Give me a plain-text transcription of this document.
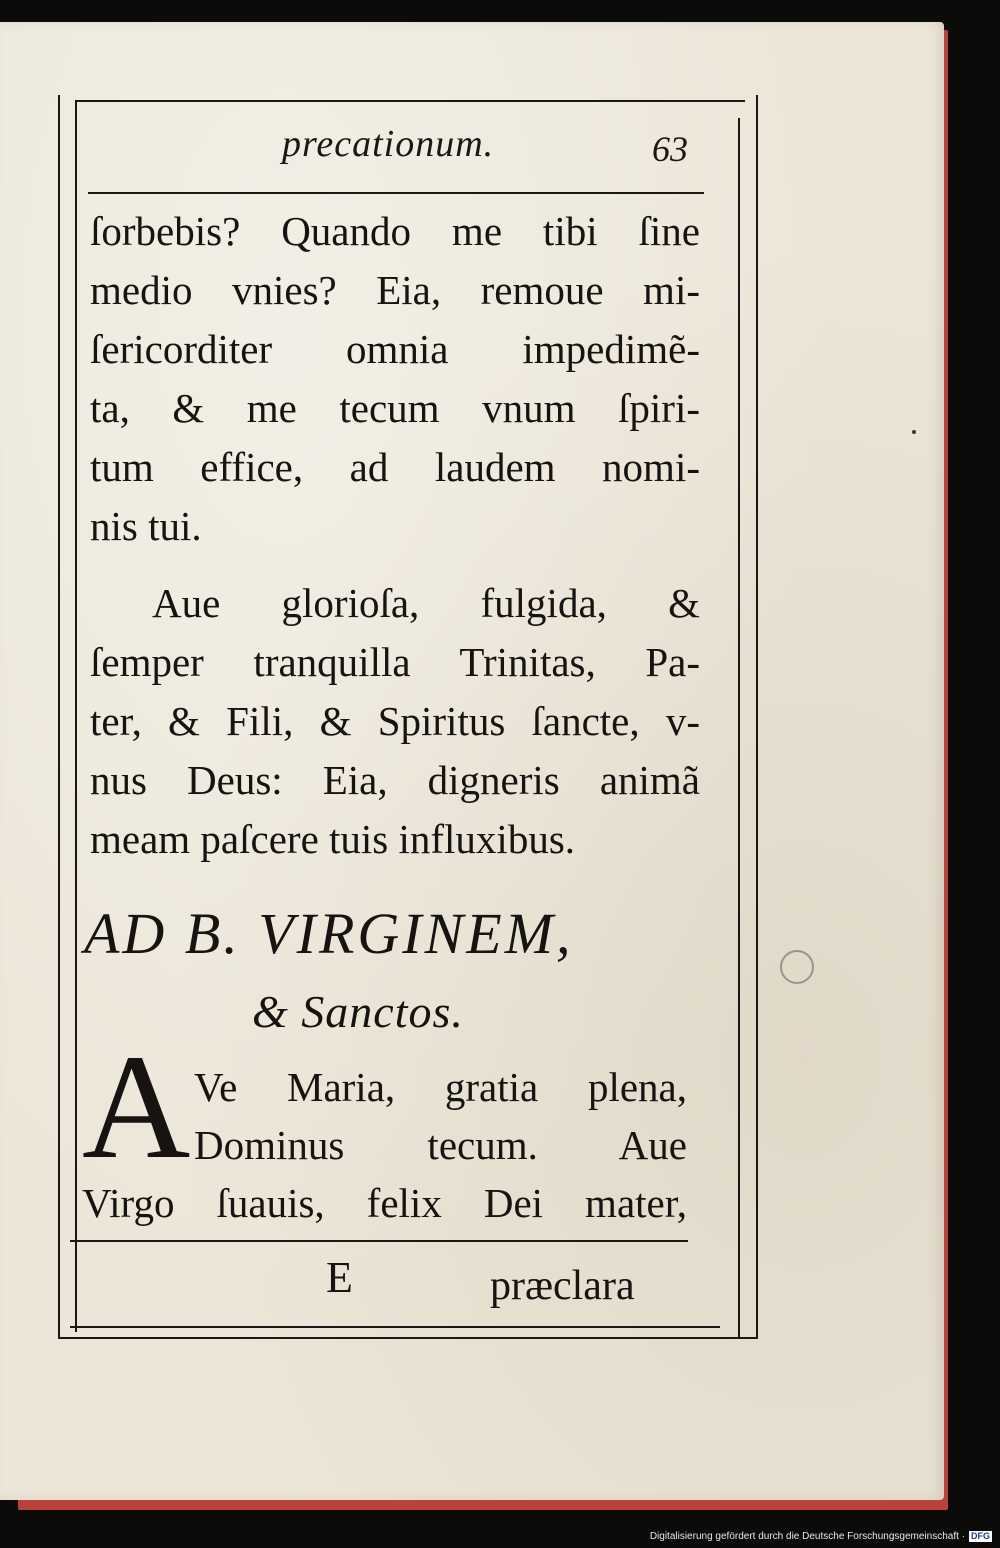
precationum.	63
ſorbebis? Quando me tibi ſine
medio vnies? Eia, remoue mi-
ſericorditer omnia impedimẽ-
ta, & me tecum vnum ſpiri-
tum effice, ad laudem nomi-
nis tui.
Aue glorioſa, fulgida, &
ſemper tranquilla Trinitas, Pa-
ter, & Fili, & Spiritus ſancte, v-
nus Deus: Eia, digneris animã
meam paſcere tuis influxibus.
AD B. VIRGINEM,
& Sanctos.
A Ve Maria, gratia plena,
Dominus tecum. Aue
Virgo ſuauis, felix Dei mater,
E	præclara
Digitalisierung gefördert durch die Deutsche Forschungsgemeinschaft · DFG
